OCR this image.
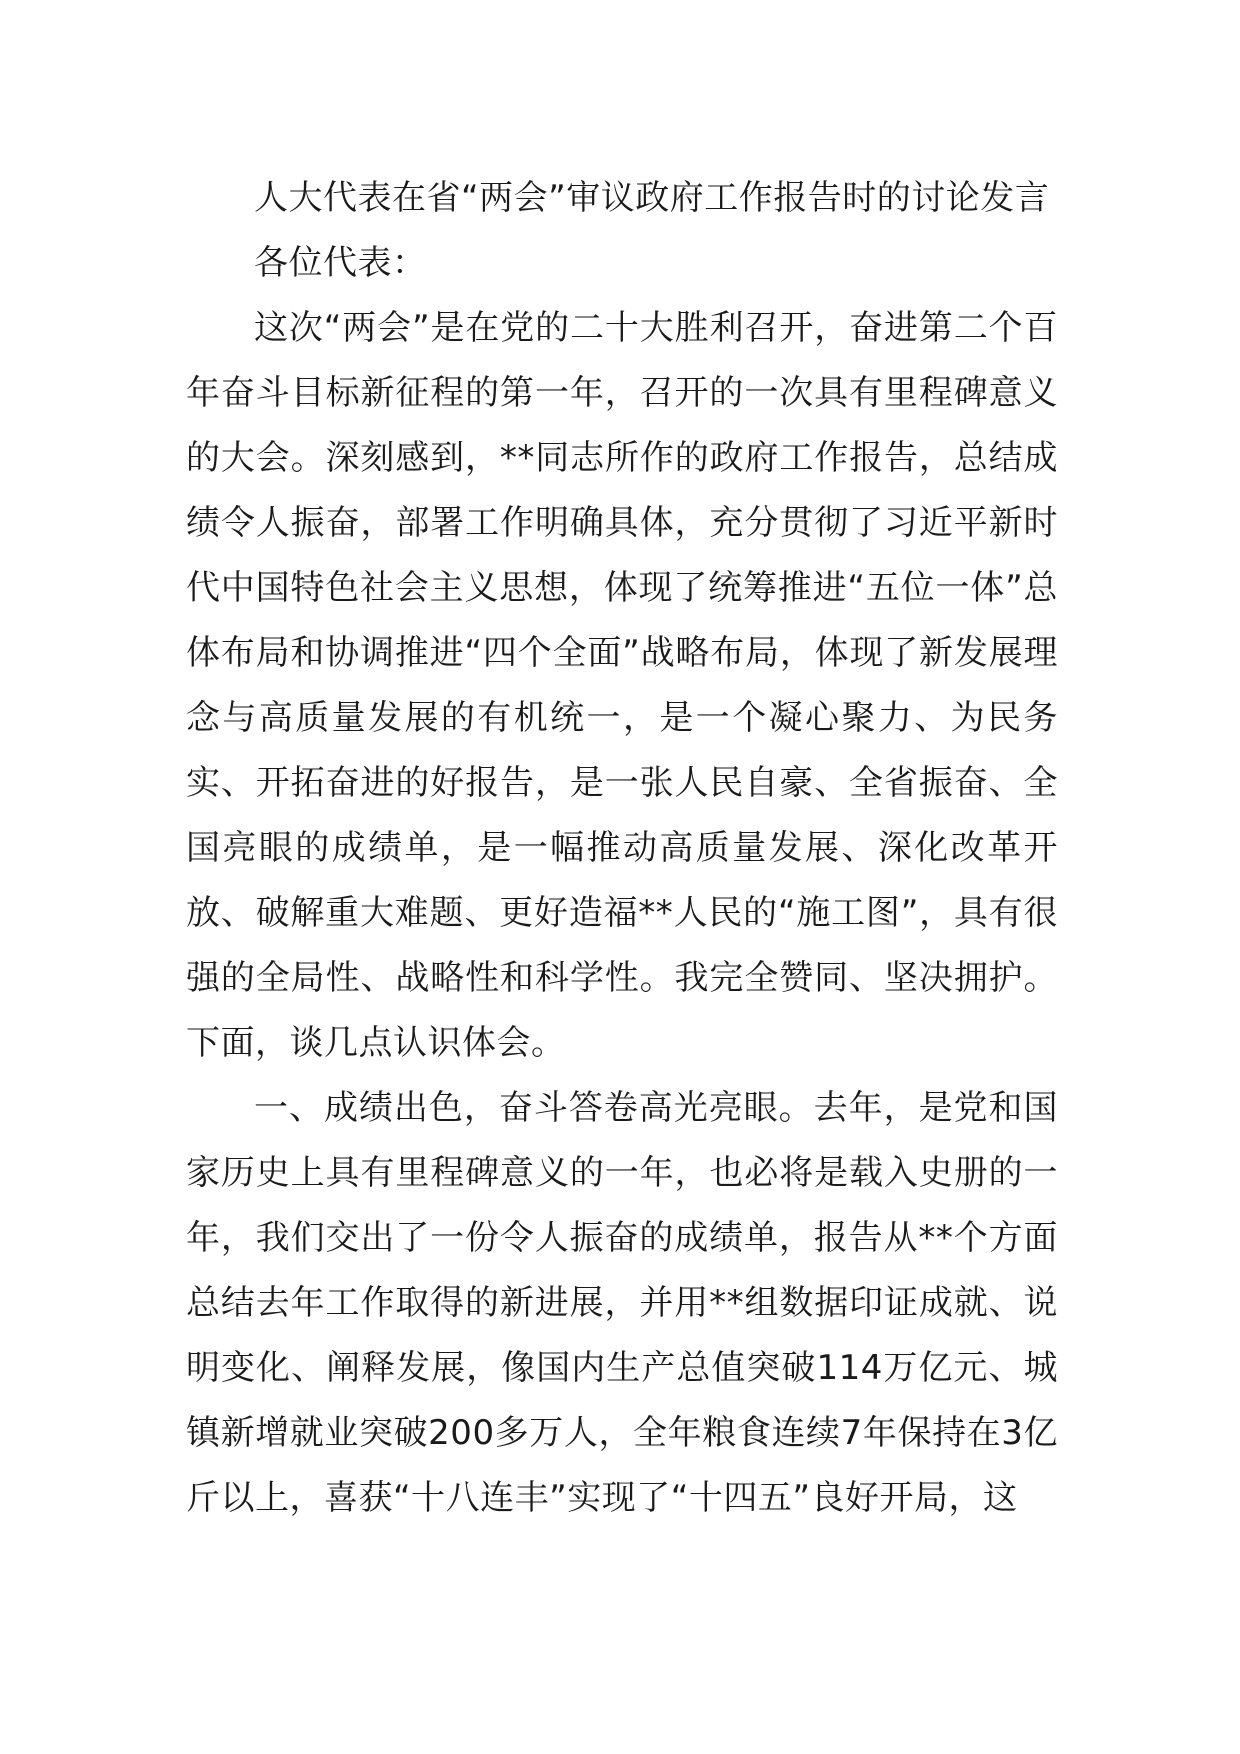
人大代表在省“两会”审议政府工作报告时的讨论发言

各位代表：

这次“两会”是在党的二十大胜利召开，奋进第二个百年奋斗目标新征程的第一年，召开的一次具有里程碑意义的大会。深刻感到，**同志所作的政府工作报告，总结成绩令人振奋，部署工作明确具体，充分贯彻了习近平新时代中国特色社会主义思想，体现了统筹推进“五位一体”总体布局和协调推进“四个全面”战略布局，体现了新发展理念与高质量发展的有机统一，是一个凝心聚力、为民务实、开拓奋进的好报告，是一张人民自豪、全省振奋、全国亮眼的成绩单，是一幅推动高质量发展、深化改革开放、破解重大难题、更好造福**人民的“施工图”，具有很强的全局性、战略性和科学性。我完全赞同、坚决拥护。下面，谈几点认识体会。

一、成绩出色，奋斗答卷高光亮眼。去年，是党和国家历史上具有里程碑意义的一年，也必将是载入史册的一年，我们交出了一份令人振奋的成绩单，报告从**个方面总结去年工作取得的新进展，并用**组数据印证成就、说明变化、阐释发展，像国内生产总值突破114万亿元、城镇新增就业突破200多万人，全年粮食连续7年保持在3亿斤以上，喜获“十八连丰”实现了“十四五”良好开局，这
